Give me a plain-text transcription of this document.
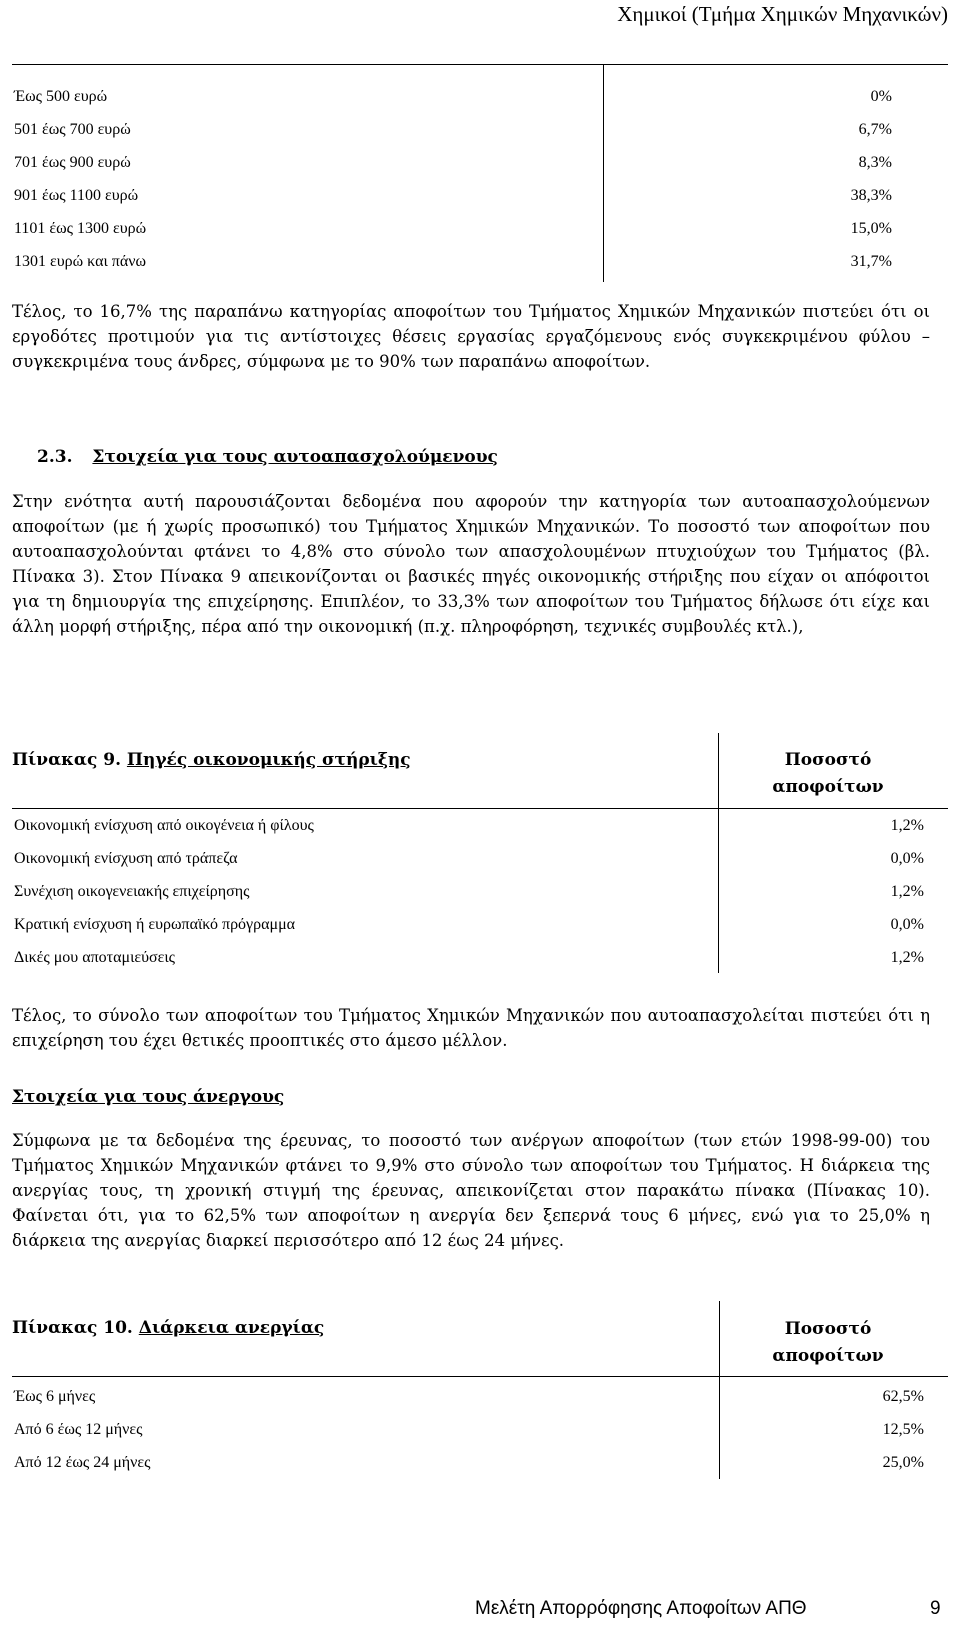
Χημικοί (Τμήμα Χημικών Μηχανικών)
Έως 500 ευρώ	0%
501 έως 700 ευρώ	6,7%
701 έως 900 ευρώ	8,3%
901 έως 1100 ευρώ	38,3%
1101 έως 1300 ευρώ	15,0%
1301 ευρώ και πάνω	31,7%

Τέλος, το 16,7% της παραπάνω κατηγορίας αποφοίτων του Τμήματος Χημικών Μηχανικών πιστεύει ότι οι εργοδότες προτιμούν για τις αντίστοιχες θέσεις εργασίας εργαζόμενους ενός συγκεκριμένου φύλου – συγκεκριμένα τους άνδρες, σύμφωνα με το 90% των παραπάνω αποφοίτων.

2.3. Στοιχεία για τους αυτοαπασχολούμενους

Στην ενότητα αυτή παρουσιάζονται δεδομένα που αφορούν την κατηγορία των αυτοαπασχολούμενων αποφοίτων (με ή χωρίς προσωπικό) του Τμήματος Χημικών Μηχανικών. Το ποσοστό των αποφοίτων που αυτοαπασχολούνται φτάνει το 4,8% στο σύνολο των απασχολουμένων πτυχιούχων του Τμήματος (βλ. Πίνακα 3). Στον Πίνακα 9 απεικονίζονται οι βασικές πηγές οικονομικής στήριξης που είχαν οι απόφοιτοι για τη δημιουργία της επιχείρησης. Επιπλέον, το 33,3% των αποφοίτων του Τμήματος δήλωσε ότι είχε και άλλη μορφή στήριξης, πέρα από την οικονομική (π.χ. πληροφόρηση, τεχνικές συμβουλές κτλ.),

Πίνακας 9. Πηγές οικονομικής στήριξης	Ποσοστό αποφοίτων
Οικονομική ενίσχυση από οικογένεια ή φίλους	1,2%
Οικονομική ενίσχυση από τράπεζα	0,0%
Συνέχιση οικογενειακής επιχείρησης	1,2%
Κρατική ενίσχυση ή ευρωπαϊκό πρόγραμμα	0,0%
Δικές μου αποταμιεύσεις	1,2%

Τέλος, το σύνολο των αποφοίτων του Τμήματος Χημικών Μηχανικών που αυτοαπασχολείται πιστεύει ότι η επιχείρηση του έχει θετικές προοπτικές στο άμεσο μέλλον.

Στοιχεία για τους άνεργους

Σύμφωνα με τα δεδομένα της έρευνας, το ποσοστό των ανέργων αποφοίτων (των ετών 1998-99-00) του Τμήματος Χημικών Μηχανικών φτάνει το 9,9% στο σύνολο των αποφοίτων του Τμήματος. Η διάρκεια της ανεργίας τους, τη χρονική στιγμή της έρευνας, απεικονίζεται στον παρακάτω πίνακα (Πίνακας 10). Φαίνεται ότι, για το 62,5% των αποφοίτων η ανεργία δεν ξεπερνά τους 6 μήνες, ενώ για το 25,0% η διάρκεια της ανεργίας διαρκεί περισσότερο από 12 έως 24 μήνες.

Πίνακας 10. Διάρκεια ανεργίας	Ποσοστό αποφοίτων
Έως 6 μήνες	62,5%
Από 6 έως 12 μήνες	12,5%
Από 12 έως 24 μήνες	25,0%
Μελέτη Απορρόφησης Αποφοίτων ΑΠΘ	9
